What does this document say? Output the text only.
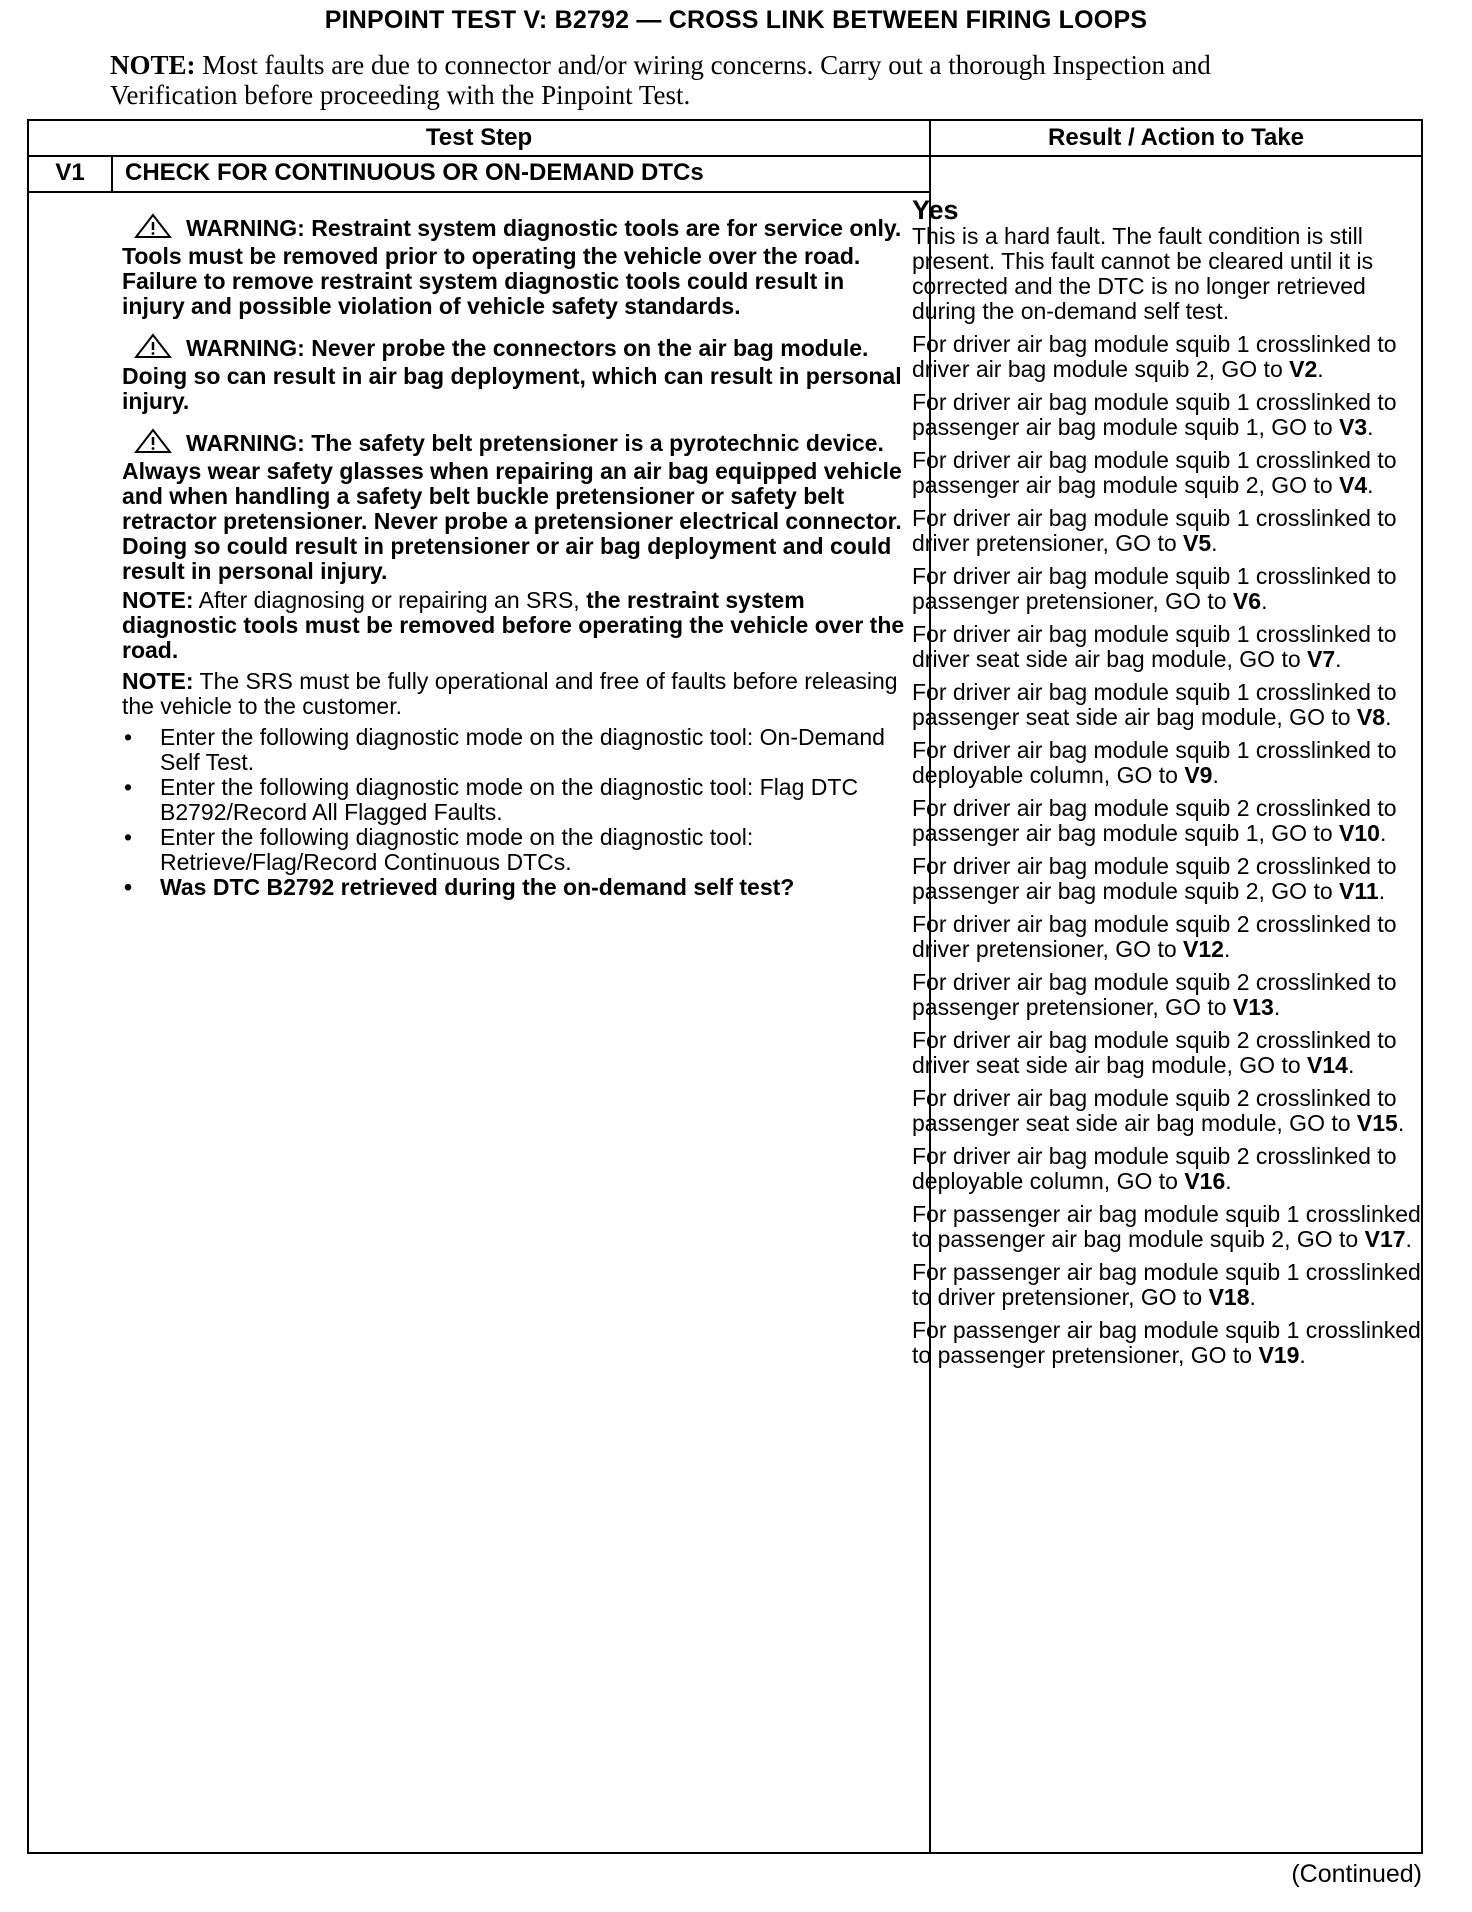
PINPOINT TEST V: B2792 — CROSS LINK BETWEEN FIRING LOOPS
NOTE: Most faults are due to connector and/or wiring concerns. Carry out a thorough Inspection and Verification before proceeding with the Pinpoint Test.
Test Step	Result / Action to Take
V1	CHECK FOR CONTINUOUS OR ON-DEMAND DTCs
WARNING: Restraint system diagnostic tools are for service only. Tools must be removed prior to operating the vehicle over the road. Failure to remove restraint system diagnostic tools could result in injury and possible violation of vehicle safety standards.
WARNING: Never probe the connectors on the air bag module. Doing so can result in air bag deployment, which can result in personal injury.
WARNING: The safety belt pretensioner is a pyrotechnic device. Always wear safety glasses when repairing an air bag equipped vehicle and when handling a safety belt buckle pretensioner or safety belt retractor pretensioner. Never probe a pretensioner electrical connector. Doing so could result in pretensioner or air bag deployment and could result in personal injury.
NOTE: After diagnosing or repairing an SRS, the restraint system diagnostic tools must be removed before operating the vehicle over the road.
NOTE: The SRS must be fully operational and free of faults before releasing the vehicle to the customer.
• Enter the following diagnostic mode on the diagnostic tool: On-Demand Self Test.
• Enter the following diagnostic mode on the diagnostic tool: Flag DTC B2792/Record All Flagged Faults.
• Enter the following diagnostic mode on the diagnostic tool: Retrieve/Flag/Record Continuous DTCs.
• Was DTC B2792 retrieved during the on-demand self test?
Yes
This is a hard fault. The fault condition is still present. This fault cannot be cleared until it is corrected and the DTC is no longer retrieved during the on-demand self test.
For driver air bag module squib 1 crosslinked to driver air bag module squib 2, GO to V2.
For driver air bag module squib 1 crosslinked to passenger air bag module squib 1, GO to V3.
For driver air bag module squib 1 crosslinked to passenger air bag module squib 2, GO to V4.
For driver air bag module squib 1 crosslinked to driver pretensioner, GO to V5.
For driver air bag module squib 1 crosslinked to passenger pretensioner, GO to V6.
For driver air bag module squib 1 crosslinked to driver seat side air bag module, GO to V7.
For driver air bag module squib 1 crosslinked to passenger seat side air bag module, GO to V8.
For driver air bag module squib 1 crosslinked to deployable column, GO to V9.
For driver air bag module squib 2 crosslinked to passenger air bag module squib 1, GO to V10.
For driver air bag module squib 2 crosslinked to passenger air bag module squib 2, GO to V11.
For driver air bag module squib 2 crosslinked to driver pretensioner, GO to V12.
For driver air bag module squib 2 crosslinked to passenger pretensioner, GO to V13.
For driver air bag module squib 2 crosslinked to driver seat side air bag module, GO to V14.
For driver air bag module squib 2 crosslinked to passenger seat side air bag module, GO to V15.
For driver air bag module squib 2 crosslinked to deployable column, GO to V16.
For passenger air bag module squib 1 crosslinked to passenger air bag module squib 2, GO to V17.
For passenger air bag module squib 1 crosslinked to driver pretensioner, GO to V18.
For passenger air bag module squib 1 crosslinked to passenger pretensioner, GO to V19.
(Continued)
